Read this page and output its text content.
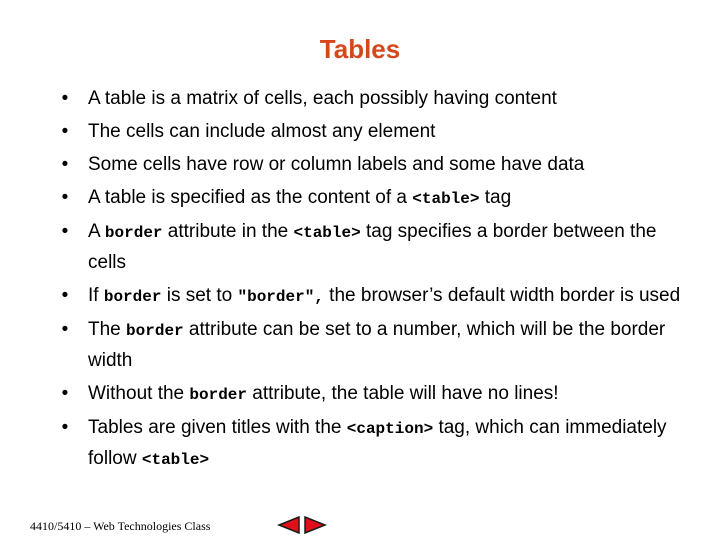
Tables
• A table is a matrix of cells, each possibly having content
• The cells can include almost any element
• Some cells have row or column labels and some have data
• A table is specified as the content of a <table> tag
• A border attribute in the <table> tag specifies a border between the cells
• If border is set to "border", the browser’s default width border is used
• The border attribute can be set to a number, which will be the border width
• Without the border attribute, the table will have no lines!
• Tables are given titles with the <caption> tag, which can immediately follow <table>
4410/5410 – Web Technologies Class
